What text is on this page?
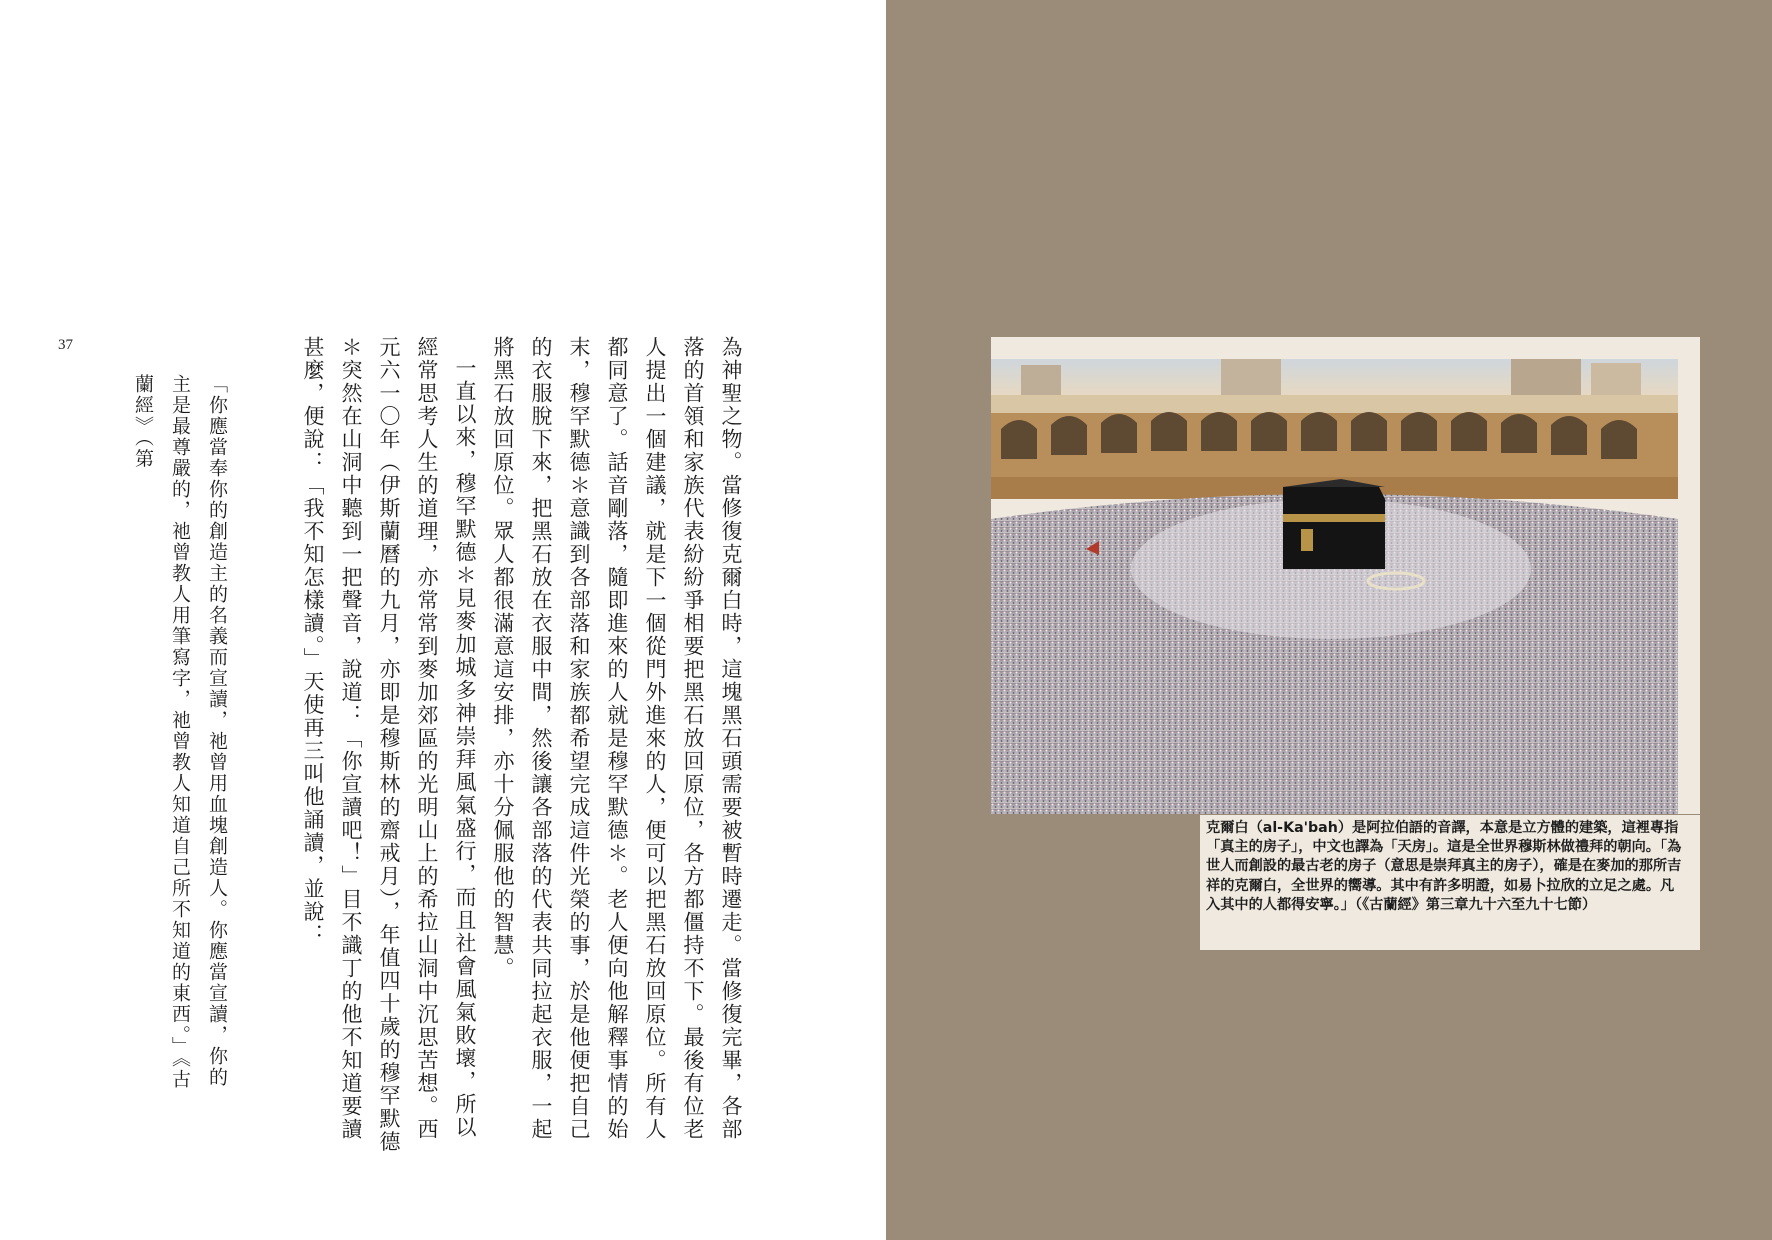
37	為神聖之物。當修復克爾白時，這塊黑石頭需要被暫時遷走。當修復完畢，各部落的首領和家族代表紛紛爭相要把黑石放回原位，各方都僵持不下。最後有位老人提出一個建議，就是下一個從門外進來的人，便可以把黑石放回原位。所有人都同意了。話音剛落，隨即進來的人就是穆罕默德＊。老人便向他解釋事情的始末，穆罕默德＊意識到各部落和家族都希望完成這件光榮的事，於是他便把自己的衣服脫下來，把黑石放在衣服中間，然後讓各部落的代表共同拉起衣服，一起將黑石放回原位。眾人都很滿意這安排，亦十分佩服他的智慧。

一直以來，穆罕默德＊見麥加城多神崇拜風氣盛行，而且社會風氣敗壞，所以經常思考人生的道理，亦常常到麥加郊區的光明山上的希拉山洞中沉思苦想。西元六一〇年（伊斯蘭曆的九月，亦即是穆斯林的齋戒月），年值四十歲的穆罕默德＊突然在山洞中聽到一把聲音，說道：「你宣讀吧！」目不識丁的他不知道要讀甚麼，便說：「我不知怎樣讀。」天使再三叫他誦讀，並說：

「你應當奉你的創造主的名義而宣讀，祂曾用血塊創造人。你應當宣讀，你的主是最尊嚴的，祂曾教人用筆寫字，祂曾教人知道自己所不知道的東西。」《古蘭經》（第

克爾白（al-Ka'bah）是阿拉伯語的音譯，本意是立方體的建築，這裡專指「真主的房子」，中文也譯為「天房」。這是全世界穆斯林做禮拜的朝向。「為世人而創設的最古老的房子（意思是崇拜真主的房子），確是在麥加的那所吉祥的克爾白，全世界的嚮導。其中有許多明證，如易卜拉欣的立足之處。凡入其中的人都得安寧。」（《古蘭經》第三章九十六至九十七節）
